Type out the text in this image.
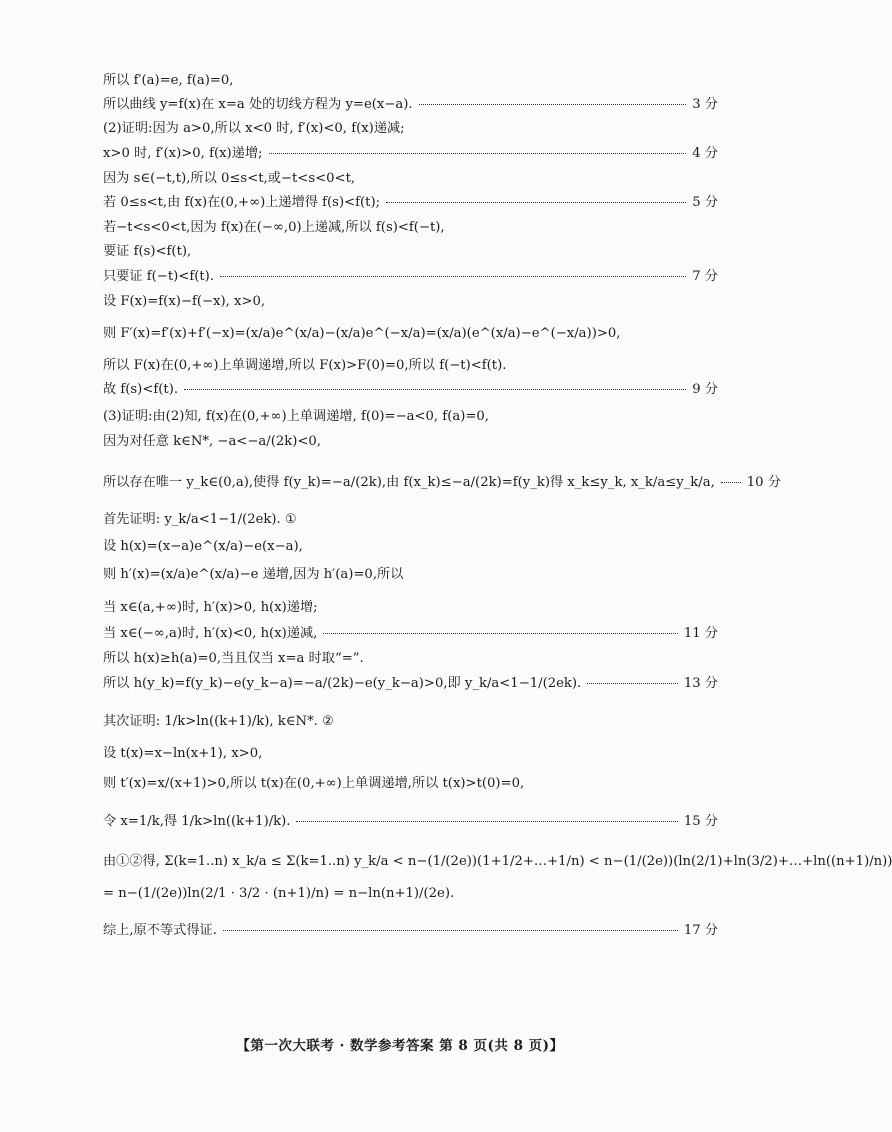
所以 f′(a)=e, f(a)=0,
所以曲线 y=f(x)在 x=a 处的切线方程为 y=e(x−a).	3 分
(2)证明:因为 a>0,所以 x<0 时, f′(x)<0, f(x)递减;
x>0 时, f′(x)>0, f(x)递增;	4 分
因为 s∈(−t,t),所以 0≤s<t,或−t<s<0<t,
若 0≤s<t,由 f(x)在(0,+∞)上递增得 f(s)<f(t);	5 分
若−t<s<0<t,因为 f(x)在(−∞,0)上递减,所以 f(s)<f(−t),
要证 f(s)<f(t),
只要证 f(−t)<f(t).	7 分
设 F(x)=f(x)−f(−x), x>0,
则 F′(x)=f′(x)+f′(−x)=(x/a)e^(x/a)−(x/a)e^(−x/a)=(x/a)(e^(x/a)−e^(−x/a))>0,
所以 F(x)在(0,+∞)上单调递增,所以 F(x)>F(0)=0,所以 f(−t)<f(t).
故 f(s)<f(t).	9 分
(3)证明:由(2)知, f(x)在(0,+∞)上单调递增, f(0)=−a<0, f(a)=0,
因为对任意 k∈N*, −a<−a/(2k)<0,
所以存在唯一 y_k∈(0,a),使得 f(y_k)=−a/(2k),由 f(x_k)≤−a/(2k)=f(y_k)得 x_k≤y_k, x_k/a≤y_k/a, 10 分
首先证明: y_k/a<1−1/(2ek). ①
设 h(x)=(x−a)e^(x/a)−e(x−a),
则 h′(x)=(x/a)e^(x/a)−e 递增,因为 h′(a)=0,所以
当 x∈(a,+∞)时, h′(x)>0, h(x)递增;
当 x∈(−∞,a)时, h′(x)<0, h(x)递减,	11 分
所以 h(x)≥h(a)=0,当且仅当 x=a 时取“=”.
所以 h(y_k)=f(y_k)−e(y_k−a)=−a/(2k)−e(y_k−a)>0,即 y_k/a<1−1/(2ek).	13 分
其次证明: 1/k>ln((k+1)/k), k∈N*. ②
设 t(x)=x−ln(x+1), x>0,
则 t′(x)=x/(x+1)>0,所以 t(x)在(0,+∞)上单调递增,所以 t(x)>t(0)=0,
令 x=1/k,得 1/k>ln((k+1)/k).	15 分
由①②得, Σ(k=1..n) x_k/a ≤ Σ(k=1..n) y_k/a < n−(1/(2e))(1+1/2+…+1/n) < n−(1/(2e))(ln(2/1)+ln(3/2)+…+ln((n+1)/n))
= n−(1/(2e))ln(2/1 · 3/2 · (n+1)/n) = n−ln(n+1)/(2e).
综上,原不等式得证.	17 分
【第一次大联考 · 数学参考答案 第 8 页(共 8 页)】
